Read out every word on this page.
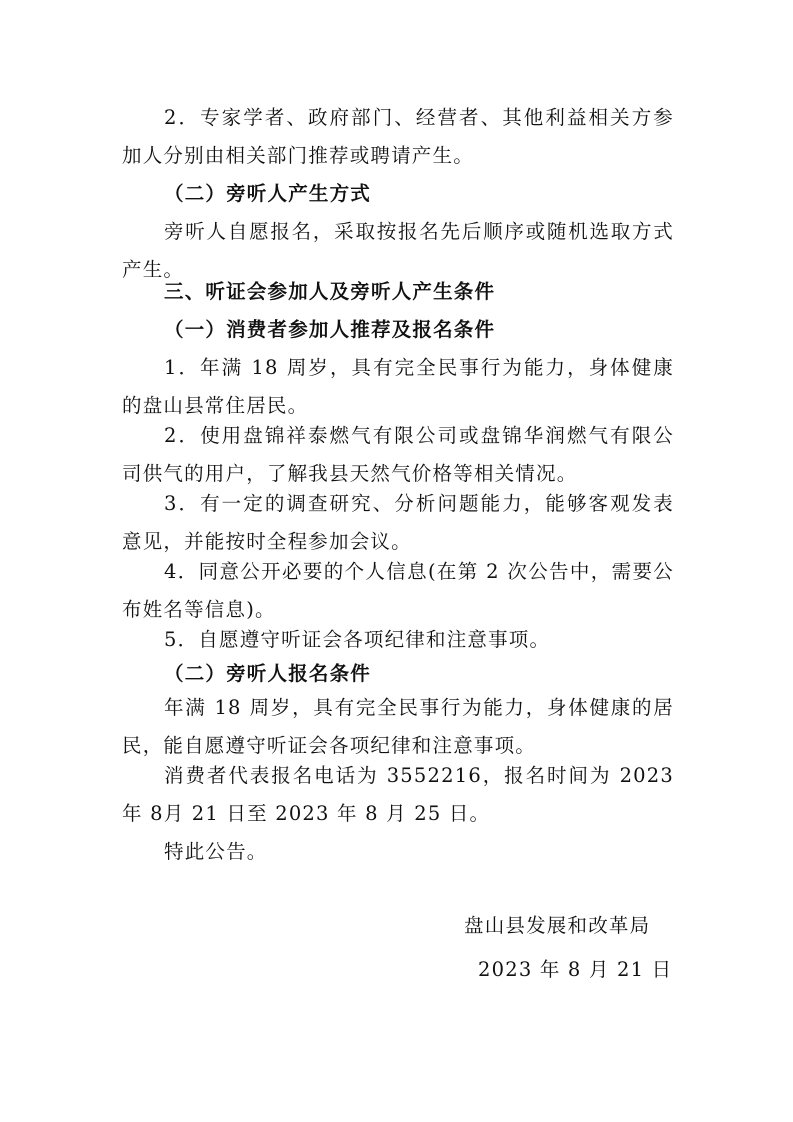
2．专家学者、政府部门、经营者、其他利益相关方参加人分别由相关部门推荐或聘请产生。

（二）旁听人产生方式

旁听人自愿报名，采取按报名先后顺序或随机选取方式产生。

三、听证会参加人及旁听人产生条件
（一）消费者参加人推荐及报名条件

1．年满 18 周岁，具有完全民事行为能力，身体健康的盘山县常住居民。

2．使用盘锦祥泰燃气有限公司或盘锦华润燃气有限公司供气的用户，了解我县天然气价格等相关情况。

3．有一定的调查研究、分析问题能力，能够客观发表意见，并能按时全程参加会议。

4．同意公开必要的个人信息(在第 2 次公告中，需要公布姓名等信息)。

5．自愿遵守听证会各项纪律和注意事项。

（二）旁听人报名条件

年满 18 周岁，具有完全民事行为能力，身体健康的居民，能自愿遵守听证会各项纪律和注意事项。

消费者代表报名电话为 3552216，报名时间为 2023 年 8月 21 日至 2023 年 8 月 25 日。

特此公告。

盘山县发展和改革局
2023 年 8 月 21 日
